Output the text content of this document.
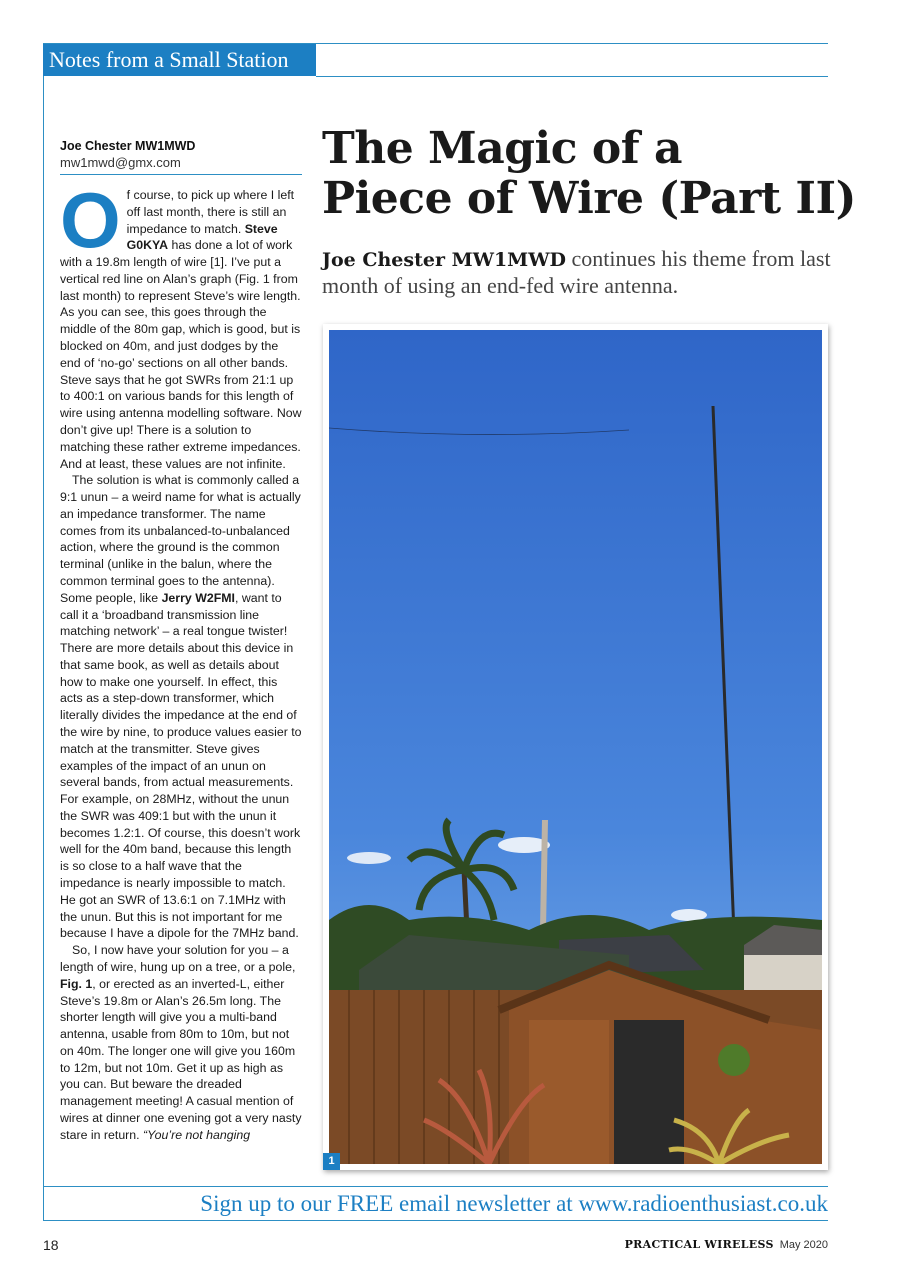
Notes from a Small Station
Joe Chester MW1MWD
mw1mwd@gmx.com

Of course, to pick up where I left off last month, there is still an impedance to match. Steve G0KYA has done a lot of work with a 19.8m length of wire [1]. I’ve put a vertical red line on Alan’s graph (Fig. 1 from last month) to represent Steve’s wire length. As you can see, this goes through the middle of the 80m gap, which is good, but is blocked on 40m, and just dodges by the end of ‘no-go’ sections on all other bands. Steve says that he got SWRs from 21:1 up to 400:1 on various bands for this length of wire using antenna modelling software. Now don’t give up! There is a solution to matching these rather extreme impedances. And at least, these values are not infinite.

The solution is what is commonly called a 9:1 unun – a weird name for what is actually an impedance transformer. The name comes from its unbalanced-to-unbalanced action, where the ground is the common terminal (unlike in the balun, where the common terminal goes to the antenna). Some people, like Jerry W2FMI, want to call it a ‘broadband transmission line matching network’ – a real tongue twister! There are more details about this device in that same book, as well as details about how to make one yourself. In effect, this acts as a step-down transformer, which literally divides the impedance at the end of the wire by nine, to produce values easier to match at the transmitter. Steve gives examples of the impact of an unun on several bands, from actual measurements. For example, on 28MHz, without the unun the SWR was 409:1 but with the unun it becomes 1.2:1. Of course, this doesn’t work well for the 40m band, because this length is so close to a half wave that the impedance is nearly impossible to match. He got an SWR of 13.6:1 on 7.1MHz with the unun. But this is not important for me because I have a dipole for the 7MHz band.

So, I now have your solution for you – a length of wire, hung up on a tree, or a pole, Fig. 1, or erected as an inverted-L, either Steve’s 19.8m or Alan’s 26.5m long. The shorter length will give you a multi-band antenna, usable from 80m to 10m, but not on 40m. The longer one will give you 160m to 12m, but not 10m. Get it up as high as you can. But beware the dreaded management meeting! A casual mention of wires at dinner one evening got a very nasty stare in return. “You’re not hanging

The Magic of a
Piece of Wire (Part II)
Joe Chester MW1MWD continues his theme from last month of using an end-fed wire antenna.
1
Sign up to our FREE email newsletter at www.radioenthusiast.co.uk
18	PRACTICAL WIRELESS May 2020
